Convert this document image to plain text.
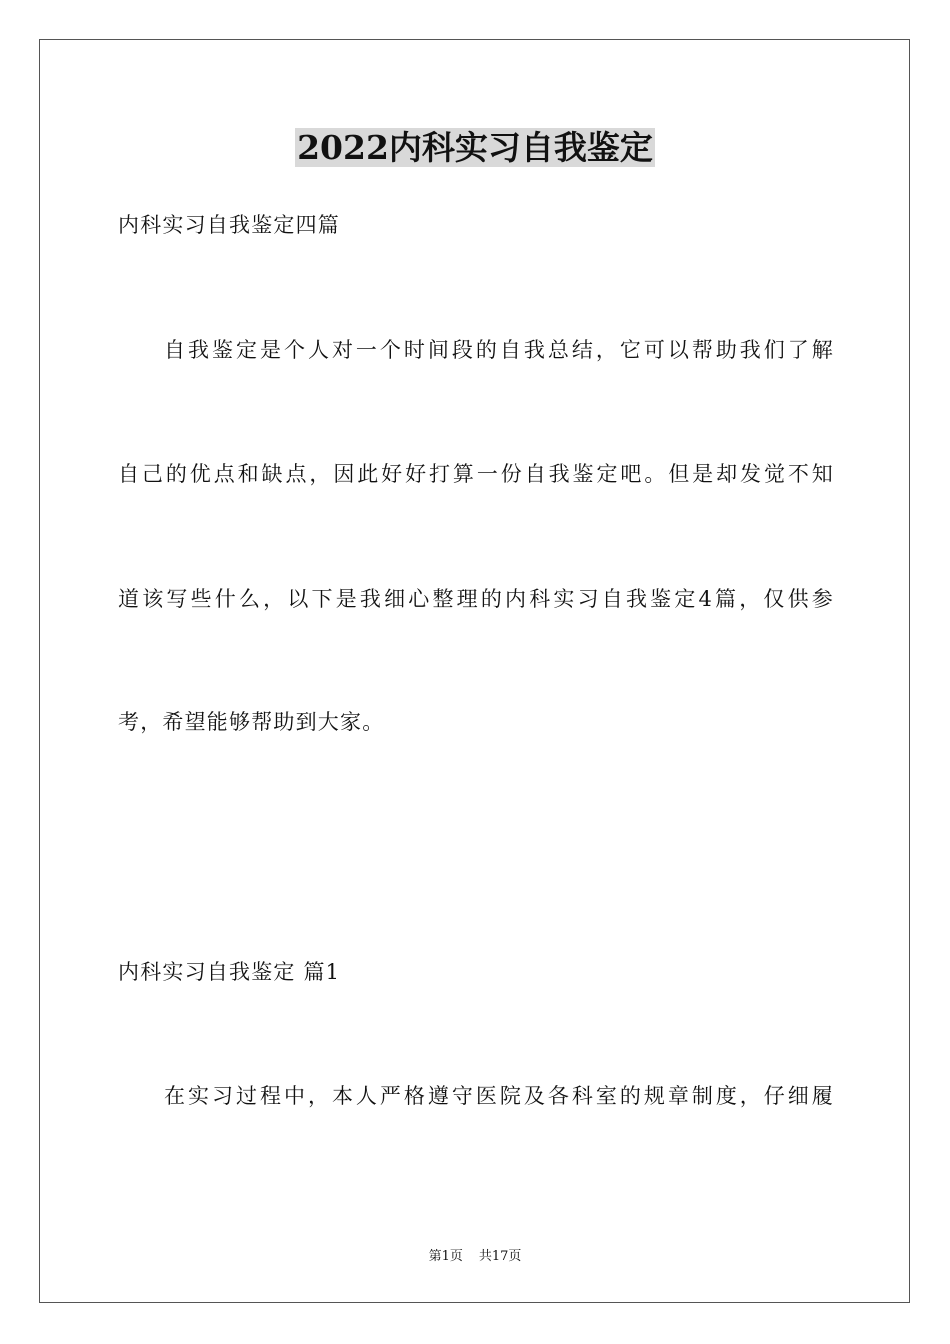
2022内科实习自我鉴定
内科实习自我鉴定四篇
自我鉴定是个人对一个时间段的自我总结，它可以帮助我们了解
自己的优点和缺点，因此好好打算一份自我鉴定吧。但是却发觉不知
道该写些什么，以下是我细心整理的内科实习自我鉴定4篇，仅供参
考，希望能够帮助到大家。
内科实习自我鉴定 篇1
在实习过程中，本人严格遵守医院及各科室的规章制度，仔细履
第1页 共17页
